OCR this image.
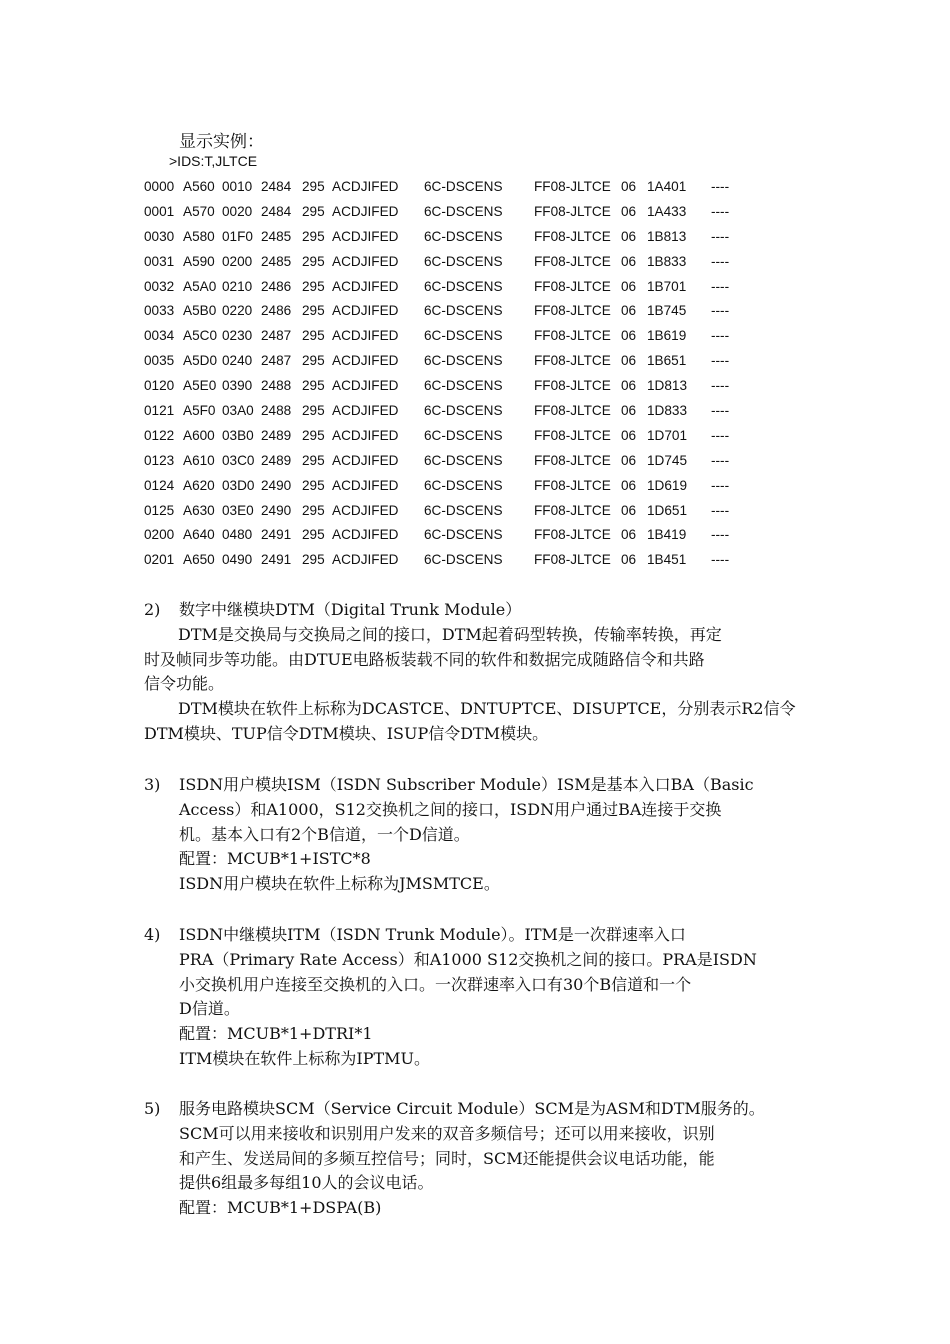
显示实例：
>IDS:T,JLTCE
0000 A560 0010 2484 295 ACDJIFED 6C-DSCENS FF08-JLTCE 06 1A401 ----
0001 A570 0020 2484 295 ACDJIFED 6C-DSCENS FF08-JLTCE 06 1A433 ----
0030 A580 01F0 2485 295 ACDJIFED 6C-DSCENS FF08-JLTCE 06 1B813 ----
0031 A590 0200 2485 295 ACDJIFED 6C-DSCENS FF08-JLTCE 06 1B833 ----
0032 A5A0 0210 2486 295 ACDJIFED 6C-DSCENS FF08-JLTCE 06 1B701 ----
0033 A5B0 0220 2486 295 ACDJIFED 6C-DSCENS FF08-JLTCE 06 1B745 ----
0034 A5C0 0230 2487 295 ACDJIFED 6C-DSCENS FF08-JLTCE 06 1B619 ----
0035 A5D0 0240 2487 295 ACDJIFED 6C-DSCENS FF08-JLTCE 06 1B651 ----
0120 A5E0 0390 2488 295 ACDJIFED 6C-DSCENS FF08-JLTCE 06 1D813 ----
0121 A5F0 03A0 2488 295 ACDJIFED 6C-DSCENS FF08-JLTCE 06 1D833 ----
0122 A600 03B0 2489 295 ACDJIFED 6C-DSCENS FF08-JLTCE 06 1D701 ----
0123 A610 03C0 2489 295 ACDJIFED 6C-DSCENS FF08-JLTCE 06 1D745 ----
0124 A620 03D0 2490 295 ACDJIFED 6C-DSCENS FF08-JLTCE 06 1D619 ----
0125 A630 03E0 2490 295 ACDJIFED 6C-DSCENS FF08-JLTCE 06 1D651 ----
0200 A640 0480 2491 295 ACDJIFED 6C-DSCENS FF08-JLTCE 06 1B419 ----
0201 A650 0490 2491 295 ACDJIFED 6C-DSCENS FF08-JLTCE 06 1B451 ----
2) 数字中继模块DTM（Digital Trunk Module）

DTM是交换局与交换局之间的接口，DTM起着码型转换，传输率转换，再定

时及帧同步等功能。由DTUE电路板装载不同的软件和数据完成随路信令和共路

信令功能。

DTM模块在软件上标称为DCASTCE、DNTUPTCE、DISUPTCE，分别表示R2信令

DTM模块、TUP信令DTM模块、ISUP信令DTM模块。

3) ISDN用户模块ISM（ISDN Subscriber Module）ISM是基本入口BA（Basic

Access）和A1000，S12交换机之间的接口，ISDN用户通过BA连接于交换

机。基本入口有2个B信道，一个D信道。

配置：MCUB*1+ISTC*8

ISDN用户模块在软件上标称为JMSMTCE。

4) ISDN中继模块ITM（ISDN Trunk Module）。ITM是一次群速率入口

PRA（Primary Rate Access）和A1000 S12交换机之间的接口。PRA是ISDN

小交换机用户连接至交换机的入口。一次群速率入口有30个B信道和一个

D信道。

配置：MCUB*1+DTRI*1

ITM模块在软件上标称为IPTMU。

5) 服务电路模块SCM（Service Circuit Module）SCM是为ASM和DTM服务的。

SCM可以用来接收和识别用户发来的双音多频信号；还可以用来接收，识别

和产生、发送局间的多频互控信号；同时，SCM还能提供会议电话功能，能

提供6组最多每组10人的会议电话。

配置：MCUB*1+DSPA(B)
